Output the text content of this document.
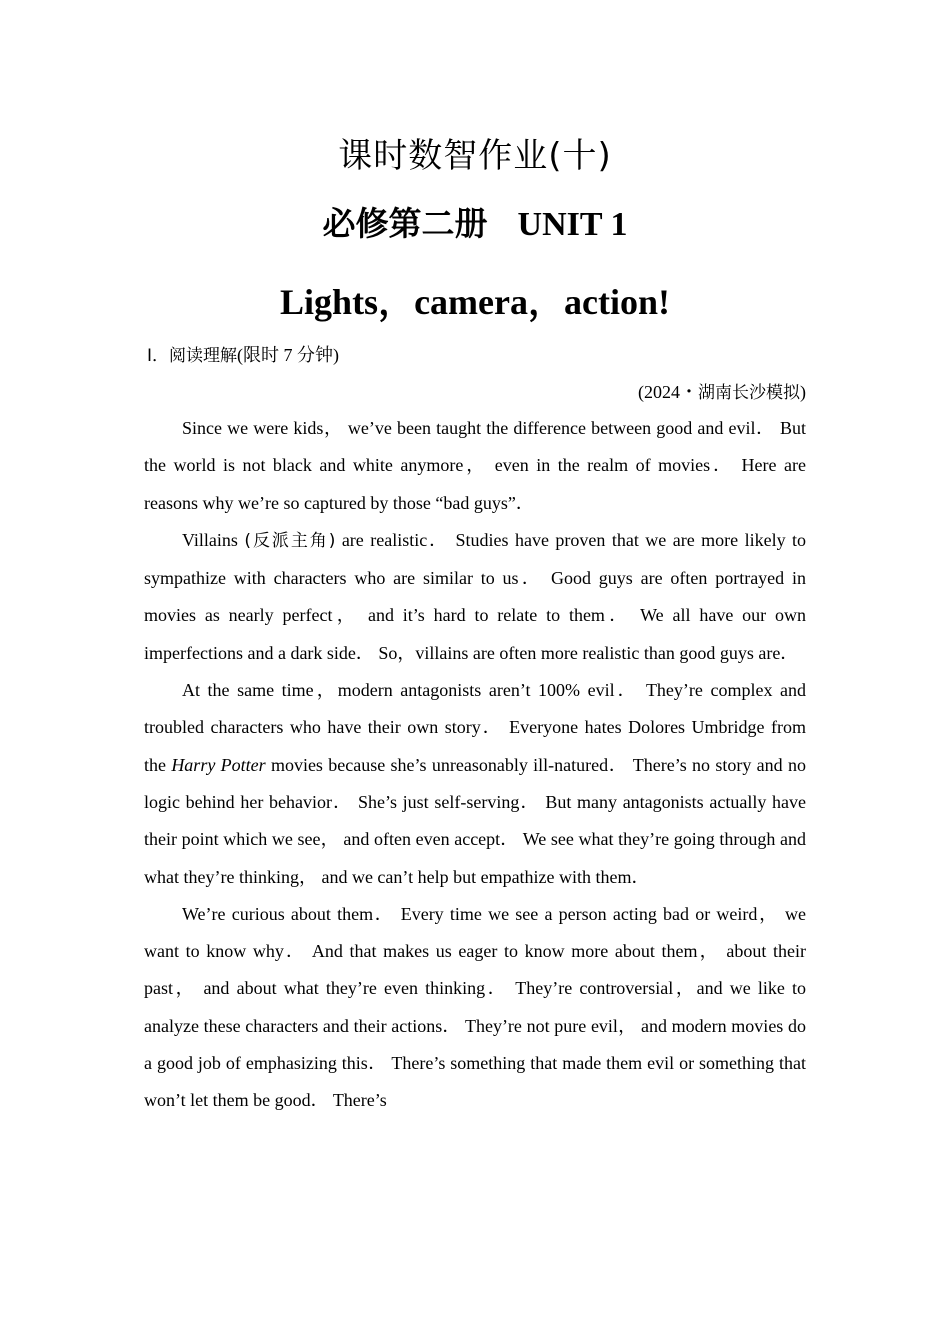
课时数智作业(十)
必修第二册 UNIT 1
Lights，camera，action!
Ⅰ．阅读理解(限时 7 分钟)
(2024・湖南长沙模拟)

Since we were kids， we’ve been taught the difference between good and evil． But the world is not black and white anymore， even in the realm of movies． Here are reasons why we’re so captured by those “bad guys”．

Villains (反派主角) are realistic． Studies have proven that we are more likely to sympathize with characters who are similar to us． Good guys are often portrayed in movies as nearly perfect， and it’s hard to relate to them． We all have our own imperfections and a dark side． So，villains are often more realistic than good guys are．

At the same time，modern antagonists aren’t 100% evil． They’re complex and troubled characters who have their own story． Everyone hates Dolores Umbridge from the Harry Potter movies because she’s unreasonably ill-natured． There’s no story and no logic behind her behavior． She’s just self-serving． But many antagonists actually have their point which we see， and often even accept． We see what they’re going through and what they’re thinking， and we can’t help but empathize with them．

We’re curious about them． Every time we see a person acting bad or weird， we want to know why． And that makes us eager to know more about them， about their past， and about what they’re even thinking． They’re controversial，and we like to analyze these characters and their actions． They’re not pure evil， and modern movies do a good job of emphasizing this． There’s something that made them evil or something that won’t let them be good． There’s
